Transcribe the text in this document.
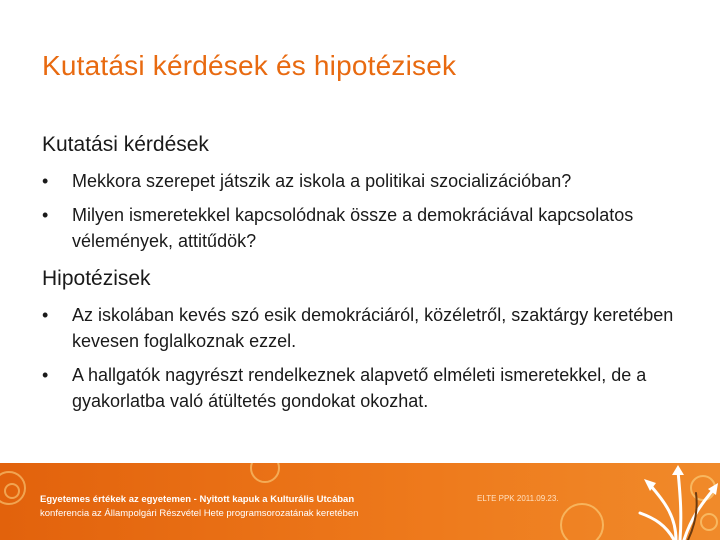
Kutatási kérdések és hipotézisek
Kutatási kérdések
•	Mekkora szerepet játszik az iskola a politikai szocializációban?
•	Milyen ismeretekkel kapcsolódnak össze a demokráciával kapcsolatos vélemények, attitűdök?
Hipotézisek
•	Az iskolában kevés szó esik demokráciáról, közéletről, szaktárgy keretében kevesen foglalkoznak ezzel.
•	A hallgatók nagyrészt rendelkeznek alapvető elméleti ismeretekkel, de a gyakorlatba való átültetés gondokat okozhat.
Egyetemes értékek az egyetemen - Nyitott kapuk a Kulturális Utcában
konferencia az Állampolgári Részvétel Hete programsorozatának keretében
ELTE PPK 2011.09.23.
